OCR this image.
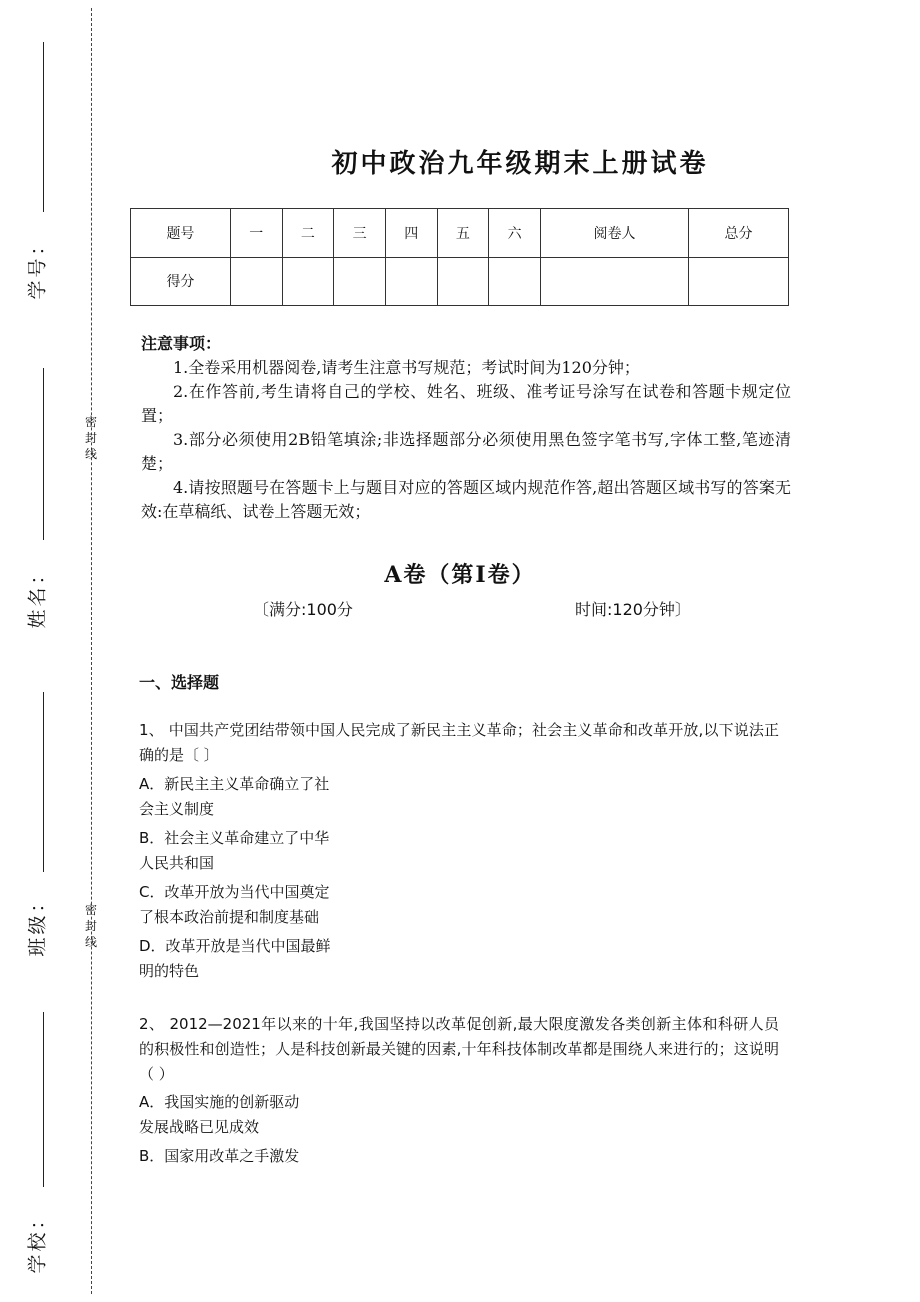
学号：
姓名：
班级：
学校：
密
封
线
密
封
线
初中政治九年级期末上册试卷
题号	一	二	三	四	五	六	阅卷人	总分
得分								
注意事项：

1.全卷采用机器阅卷,请考生注意书写规范；考试时间为120分钟；

2.在作答前,考生请将自己的学校、姓名、班级、准考证号涂写在试卷和答题卡规定位置；

3.部分必须使用2B铅笔填涂;非选择题部分必须使用黑色签字笔书写,字体工整,笔迹清楚；

4.请按照题号在答题卡上与题目对应的答题区域内规范作答,超出答题区域书写的答案无效:在草稿纸、试卷上答题无效；

A卷（第Ⅰ卷）
〔满分:100分	时间:120分钟〕
一、选择题
1、 中国共产党团结带领中国人民完成了新民主主义革命；社会主义革命和改革开放,以下说法正确的是〔 〕
A．新民主主义革命确立了社
会主义制度
B．社会主义革命建立了中华
人民共和国
C．改革开放为当代中国奠定
了根本政治前提和制度基础
D．改革开放是当代中国最鲜
明的特色
2、 2012—2021年以来的十年,我国坚持以改革促创新,最大限度激发各类创新主体和科研人员的积极性和创造性；人是科技创新最关键的因素,十年科技体制改革都是围绕人来进行的；这说明（ ）
A．我国实施的创新驱动
发展战略已见成效
B．国家用改革之手激发
